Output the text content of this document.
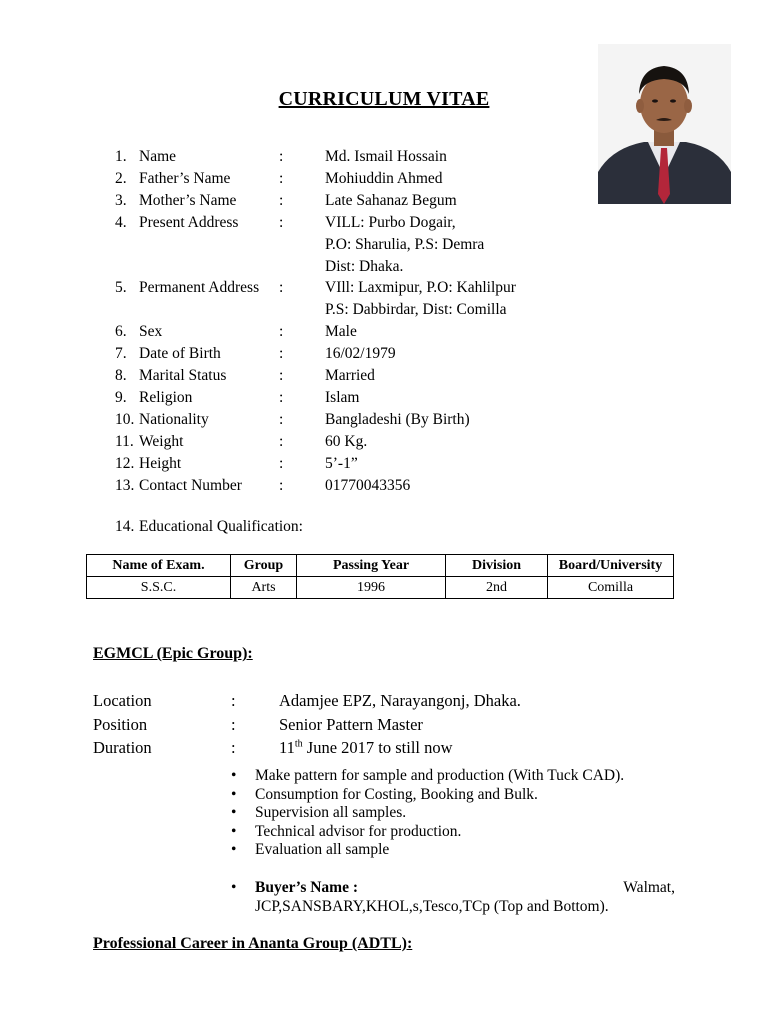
CURRICULUM VITAE
1. Name	:	Md. Ismail Hossain
2. Father’s Name	:	Mohiuddin Ahmed
3. Mother’s Name	:	Late Sahanaz Begum
4. Present Address	:	VILL: Purbo Dogair,
P.O: Sharulia, P.S: Demra
Dist: Dhaka.
5. Permanent Address :	VIll: Laxmipur, P.O: Kahlilpur
P.S: Dabbirdar, Dist: Comilla
6. Sex	:	Male
7. Date of Birth	:	16/02/1979
8. Marital Status	:	Married
9. Religion	:	Islam
10. Nationality	:	Bangladeshi (By Birth)
11. Weight	:	60 Kg.
12. Height	:	5’-1”
13. Contact Number :	01770043356
14. Educational Qualification:
Name of Exam.	Group	Passing Year	Division	Board/University
S.S.C.	Arts	1996	2nd	Comilla
EGMCL (Epic Group):
Location	:	Adamjee EPZ, Narayangonj, Dhaka.
Position	:	Senior Pattern Master
Duration	:	11th June 2017 to still now
• Make pattern for sample and production (With Tuck CAD).
• Consumption for Costing, Booking and Bulk.
• Supervision all samples.
• Technical advisor for production.
• Evaluation all sample
• Buyer’s Name :	Walmat,
JCP,SANSBARY,KHOL,s,Tesco,TCp (Top and Bottom).
Professional Career in Ananta Group (ADTL):
